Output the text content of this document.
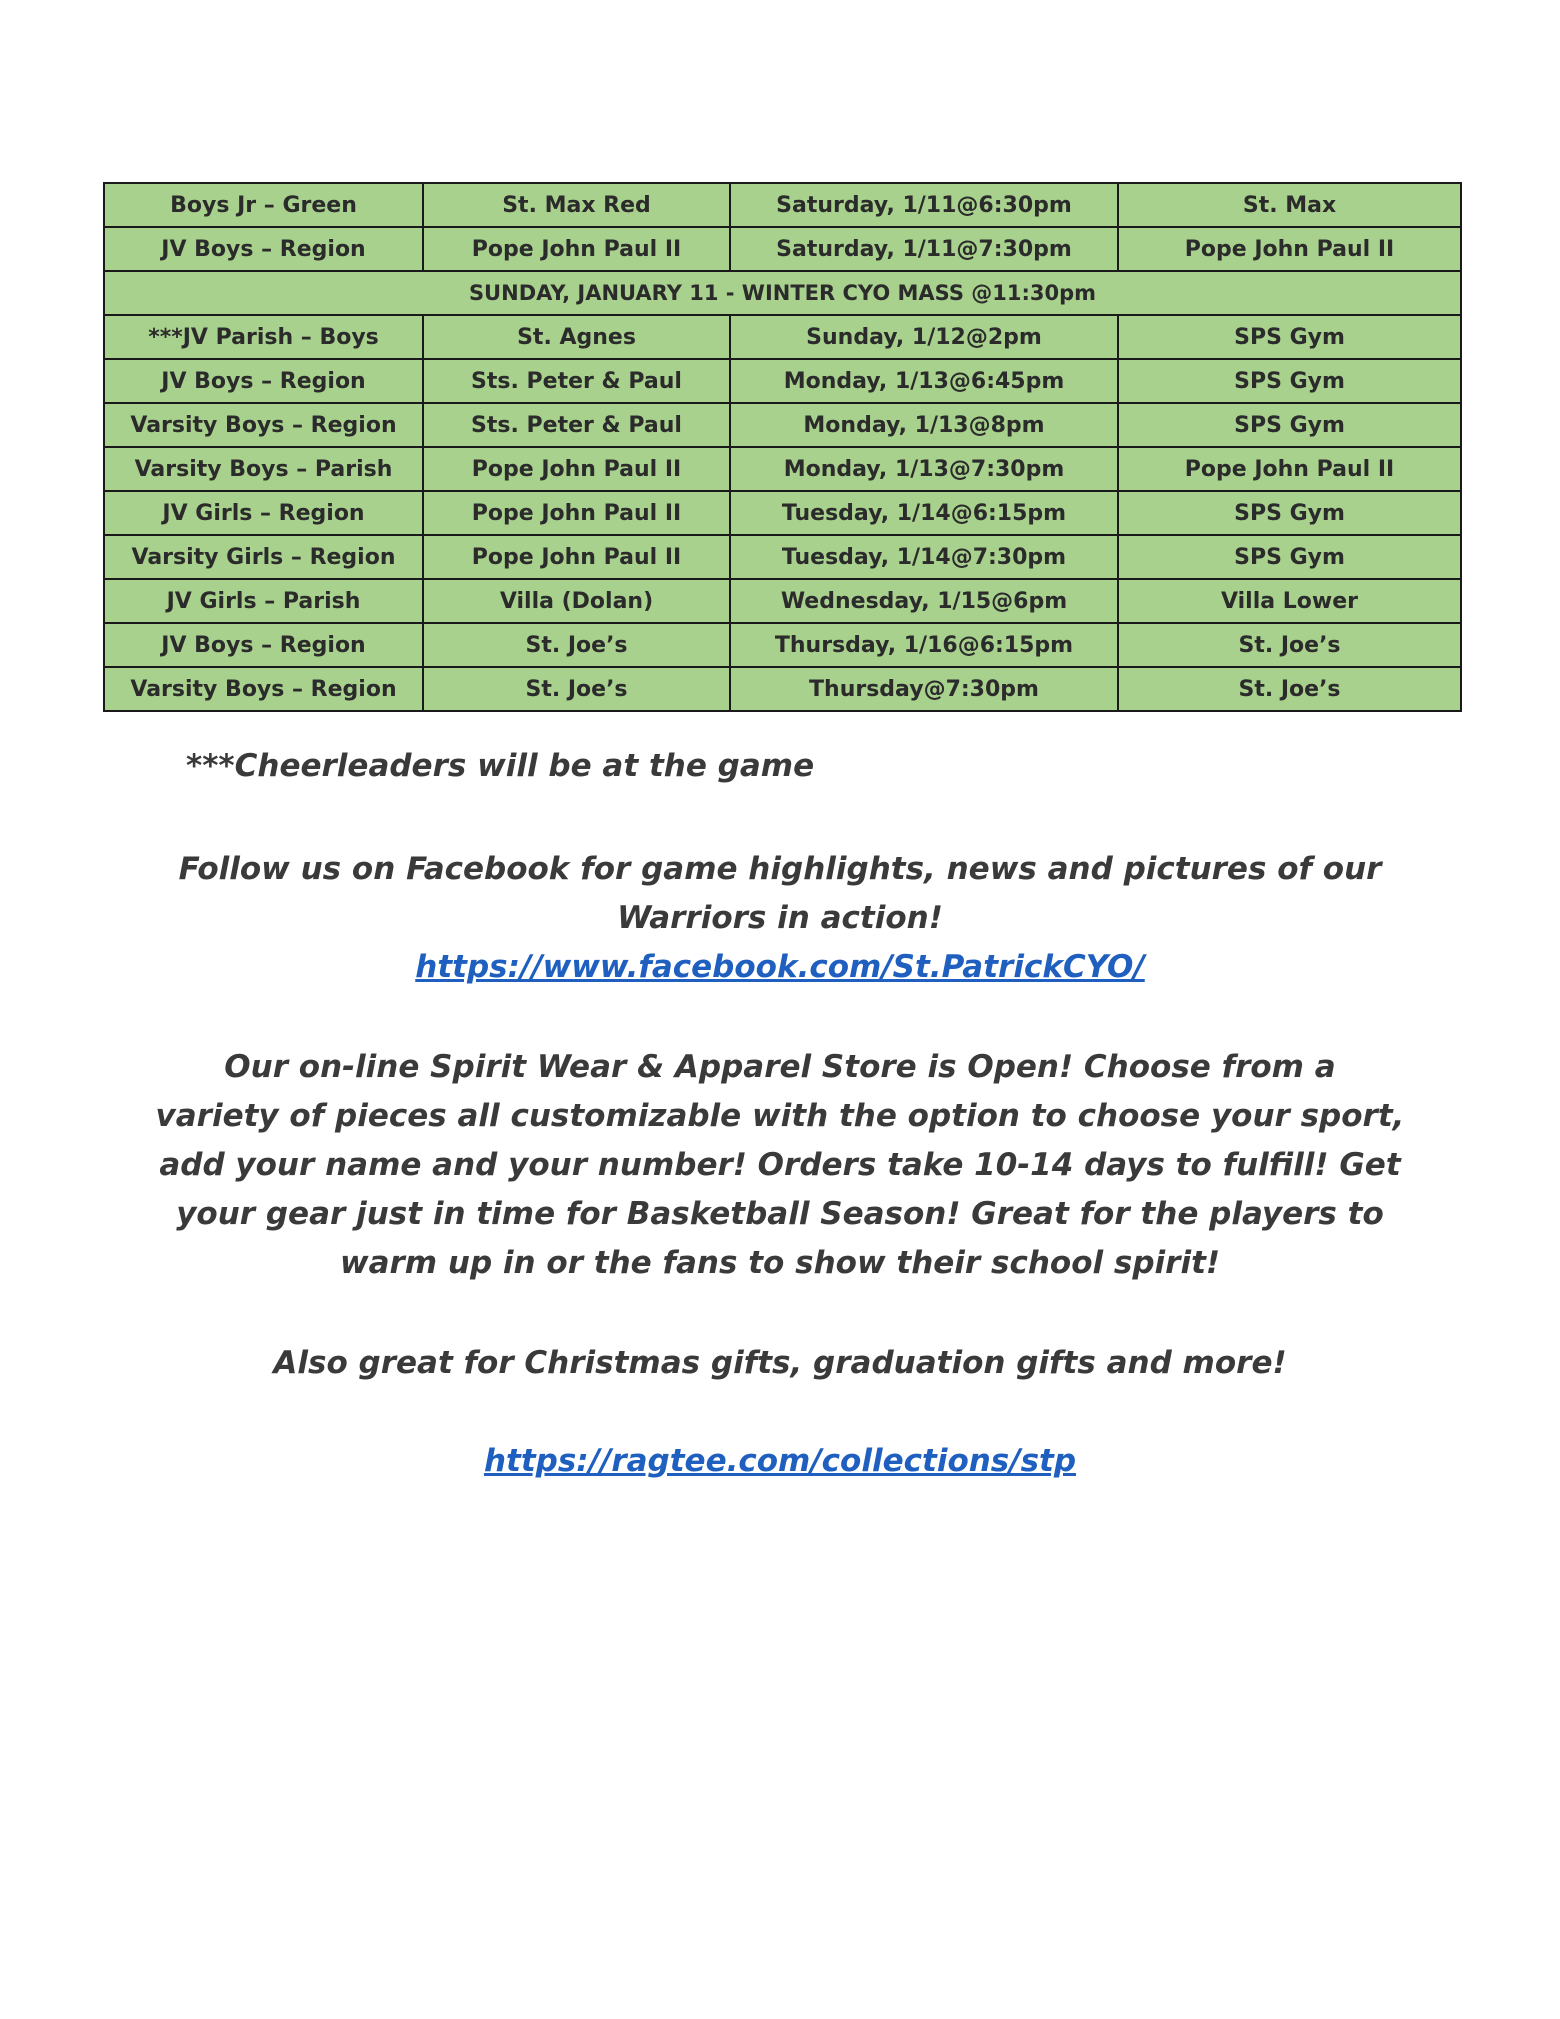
Boys Jr – Green	St. Max Red	Saturday, 1/11@6:30pm	St. Max
JV Boys – Region	Pope John Paul II	Saturday, 1/11@7:30pm	Pope John Paul II
SUNDAY, JANUARY 11 - WINTER CYO MASS @11:30pm			
***JV Parish – Boys	St. Agnes	Sunday, 1/12@2pm	SPS Gym
JV Boys – Region	Sts. Peter & Paul	Monday, 1/13@6:45pm	SPS Gym
Varsity Boys – Region	Sts. Peter & Paul	Monday, 1/13@8pm	SPS Gym
Varsity Boys – Parish	Pope John Paul II	Monday, 1/13@7:30pm	Pope John Paul II
JV Girls – Region	Pope John Paul II	Tuesday, 1/14@6:15pm	SPS Gym
Varsity Girls – Region	Pope John Paul II	Tuesday, 1/14@7:30pm	SPS Gym
JV Girls – Parish	Villa (Dolan)	Wednesday, 1/15@6pm	Villa Lower
JV Boys – Region	St. Joe’s	Thursday, 1/16@6:15pm	St. Joe’s
Varsity Boys – Region	St. Joe’s	Thursday@7:30pm	St. Joe’s
***Cheerleaders will be at the game

Follow us on Facebook for game highlights, news and pictures of our

Warriors in action!

https://www.facebook.com/St.PatrickCYO/

Our on-line Spirit Wear & Apparel Store is Open! Choose from a

variety of pieces all customizable with the option to choose your sport,

add your name and your number! Orders take 10-14 days to fulfill! Get

your gear just in time for Basketball Season! Great for the players to

warm up in or the fans to show their school spirit!

Also great for Christmas gifts, graduation gifts and more!
https://ragtee.com/collections/stp
